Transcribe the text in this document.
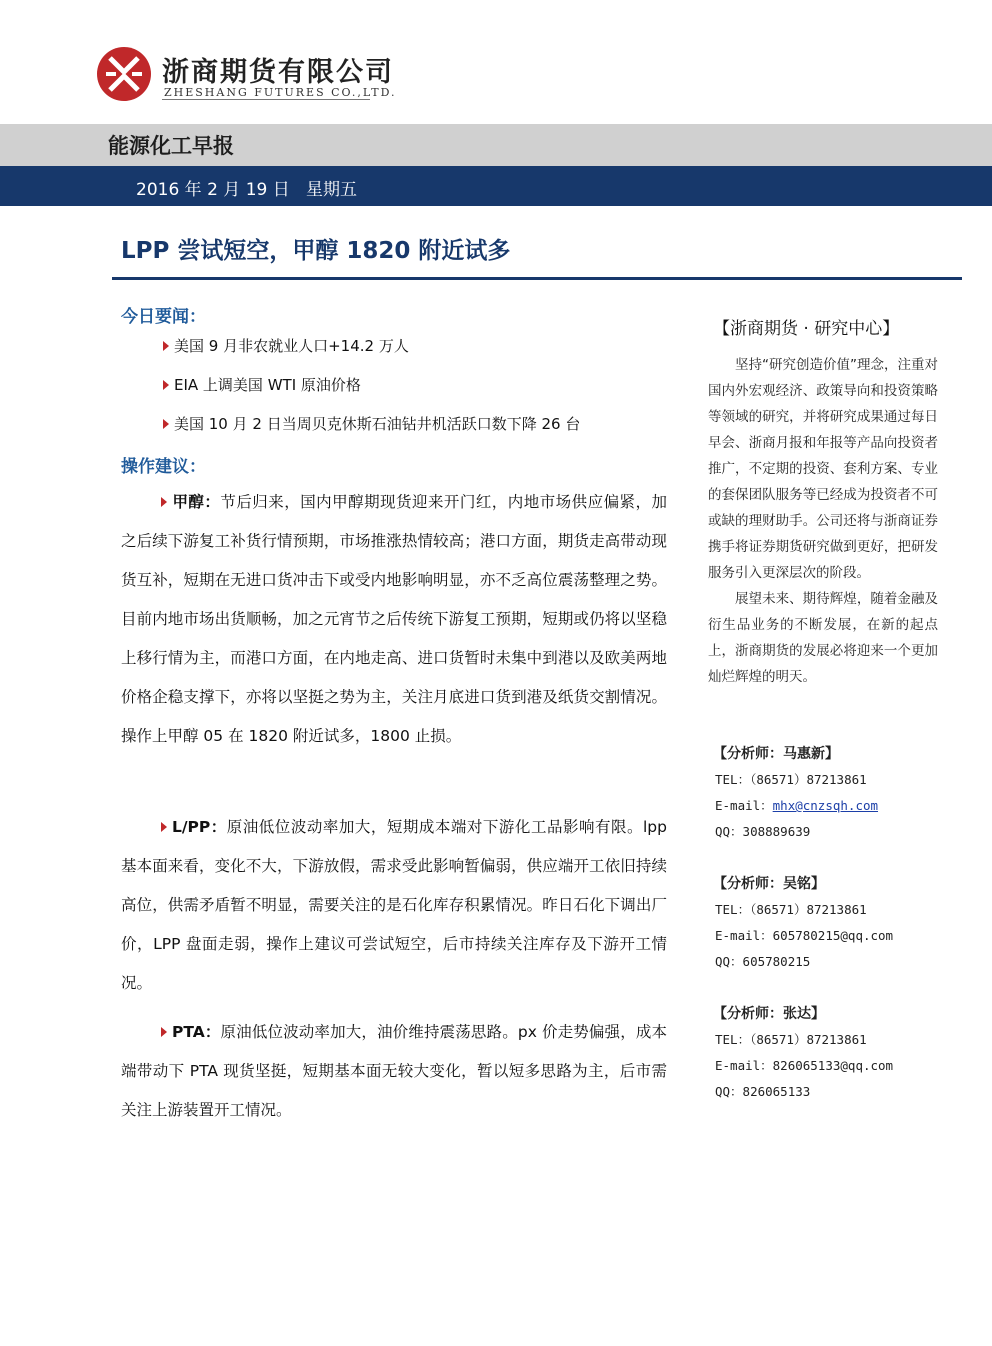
浙商期货有限公司
ZHESHANG FUTURES CO.,LTD.
能源化工早报
2016 年 2 月 19 日   星期五
LPP 尝试短空，甲醇 1820 附近试多
今日要闻：
美国 9 月非农就业人口+14.2 万人
EIA 上调美国 WTI 原油价格
美国 10 月 2 日当周贝克休斯石油钻井机活跃口数下降 26 台
操作建议：
甲醇：节后归来，国内甲醇期现货迎来开门红，内地市场供应偏紧，加之后续下游复工补货行情预期，市场推涨热情较高；港口方面，期货走高带动现货互补，短期在无进口货冲击下或受内地影响明显，亦不乏高位震荡整理之势。目前内地市场出货顺畅，加之元宵节之后传统下游复工预期，短期或仍将以坚稳上移行情为主，而港口方面，在内地走高、进口货暂时未集中到港以及欧美两地价格企稳支撑下，亦将以坚挺之势为主，关注月底进口货到港及纸货交割情况。操作上甲醇 05 在 1820 附近试多，1800 止损。
L/PP：原油低位波动率加大，短期成本端对下游化工品影响有限。lpp 基本面来看，变化不大，下游放假，需求受此影响暂偏弱，供应端开工依旧持续高位，供需矛盾暂不明显，需要关注的是石化库存积累情况。昨日石化下调出厂价，LPP 盘面走弱，操作上建议可尝试短空，后市持续关注库存及下游开工情况。
PTA：原油低位波动率加大，油价维持震荡思路。px 价走势偏强，成本端带动下 PTA 现货坚挺，短期基本面无较大变化，暂以短多思路为主，后市需关注上游装置开工情况。
【浙商期货 · 研究中心】
坚持“研究创造价值”理念，注重对国内外宏观经济、政策导向和投资策略等领域的研究，并将研究成果通过每日早会、浙商月报和年报等产品向投资者推广，不定期的投资、套利方案、专业的套保团队服务等已经成为投资者不可或缺的理财助手。公司还将与浙商证券携手将证券期货研究做到更好，把研发服务引入更深层次的阶段。
展望未来、期待辉煌，随着金融及衍生品业务的不断发展，在新的起点上，浙商期货的发展必将迎来一个更加灿烂辉煌的明天。
【分析师：马惠新】
TEL：（86571）87213861
E-mail：mhx@cnzsqh.com
QQ：308889639
【分析师：吴铭】
TEL：（86571）87213861
E-mail：605780215@qq.com
QQ：605780215
【分析师：张达】
TEL：（86571）87213861
E-mail：826065133@qq.com
QQ：826065133
